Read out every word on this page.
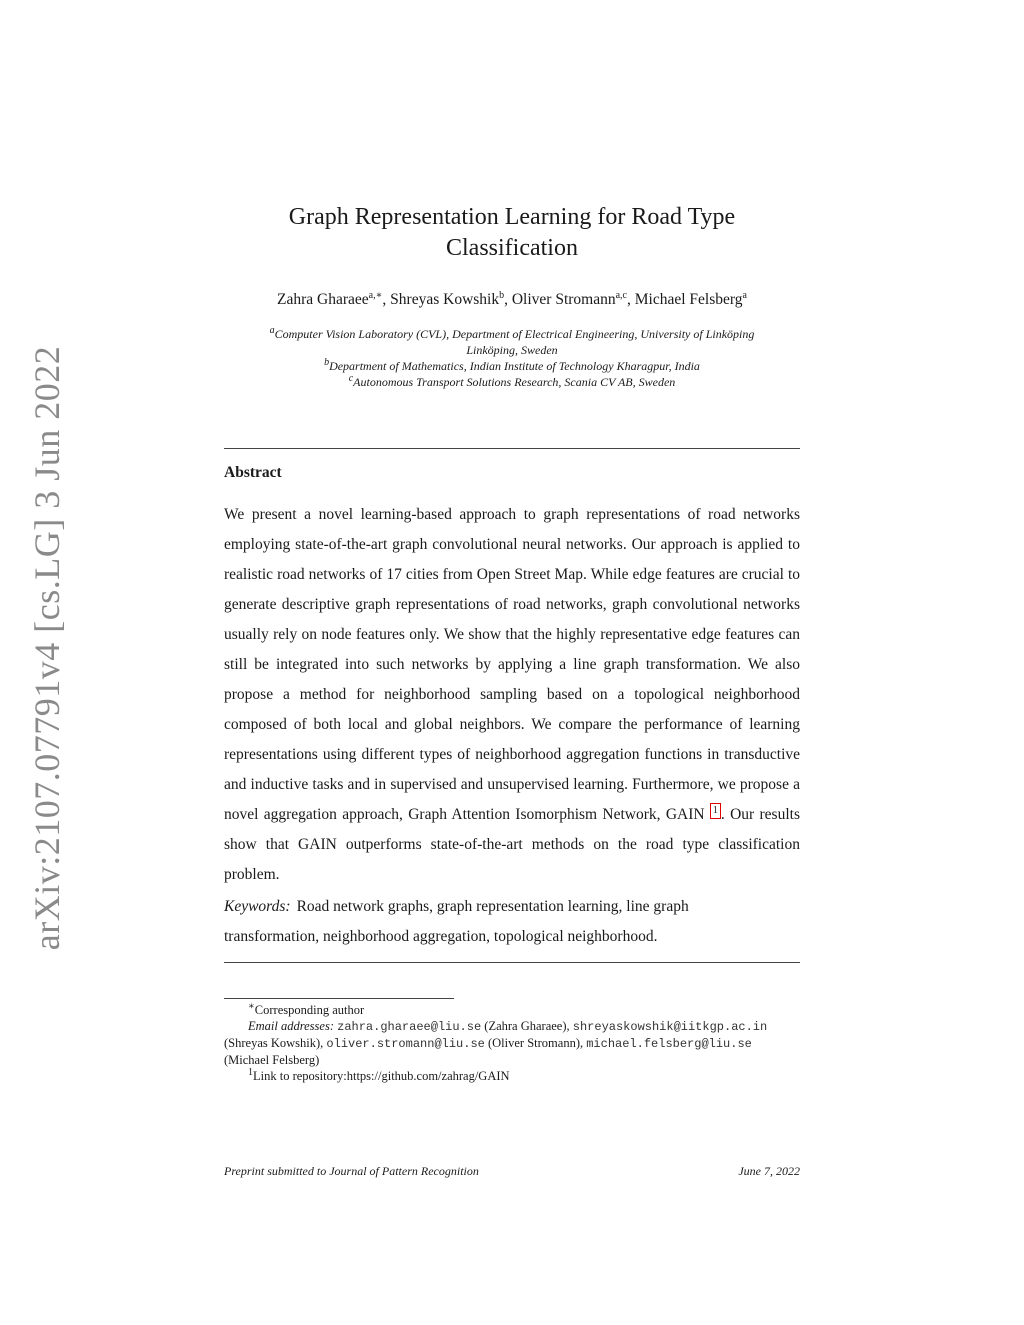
arXiv:2107.07791v4 [cs.LG] 3 Jun 2022
Graph Representation Learning for Road Type
Classification
Zahra Gharaee$^{a,∗}$, Shreyas Kowshik$^b$, Oliver Stromann$^{a,c}$, Michael Felsberg$^a$
$^a$Computer Vision Laboratory (CVL), Department of Electrical Engineering, University of Linköping
Linköping, Sweden
$^b$Department of Mathematics, Indian Institute of Technology Kharagpur, India
$^c$Autonomous Transport Solutions Research, Scania CV AB, Sweden
Abstract

We present a novel learning-based approach to graph representations of road networks employing state-of-the-art graph convolutional neural networks. Our approach is applied to realistic road networks of 17 cities from Open Street Map. While edge features are crucial to generate descriptive graph representations of road networks, graph convolutional networks usually rely on node features only. We show that the highly representative edge features can still be integrated into such networks by applying a line graph transformation. We also propose a method for neighborhood sampling based on a topological neighborhood composed of both local and global neighbors. We compare the performance of learning representations using different types of neighborhood aggregation functions in transductive and inductive tasks and in supervised and unsupervised learning. Furthermore, we propose a novel aggregation approach, Graph Attention Isomorphism Network, GAIN 1 . Our results show that GAIN outperforms state-of-the-art methods on the road type classification problem.

Keywords: Road network graphs, graph representation learning, line graph transformation, neighborhood aggregation, topological neighborhood.

∗Corresponding author
Email addresses: zahra.gharaee@liu.se (Zahra Gharaee), shreyaskowshik@iitkgp.ac.in (Shreyas Kowshik), oliver.stromann@liu.se (Oliver Stromann), michael.felsberg@liu.se (Michael Felsberg)
$^1$Link to repository:https://github.com/zahrag/GAIN
Preprint submitted to Journal of Pattern Recognition	June 7, 2022
